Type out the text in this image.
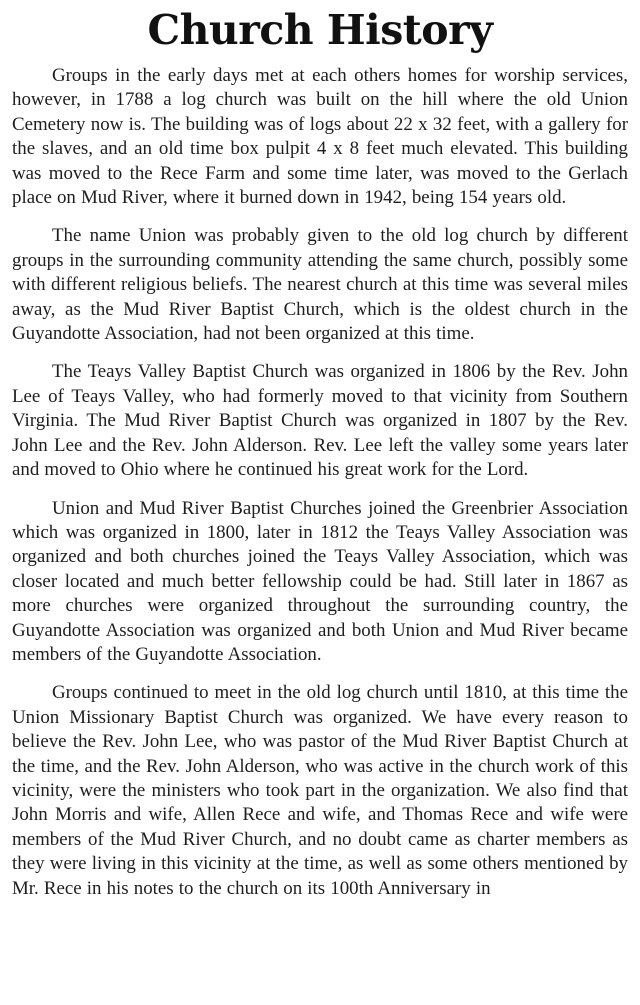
Church History

Groups in the early days met at each others homes for worship services, however, in 1788 a log church was built on the hill where the old Union Cemetery now is. The building was of logs about 22 x 32 feet, with a gallery for the slaves, and an old time box pulpit 4 x 8 feet much elevated. This building was moved to the Rece Farm and some time later, was moved to the Gerlach place on Mud River, where it burned down in 1942, being 154 years old.

The name Union was probably given to the old log church by different groups in the surrounding community attending the same church, possibly some with different religious beliefs. The nearest church at this time was several miles away, as the Mud River Baptist Church, which is the oldest church in the Guyandotte Association, had not been organized at this time.

The Teays Valley Baptist Church was organized in 1806 by the Rev. John Lee of Teays Valley, who had formerly moved to that vicinity from Southern Virginia. The Mud River Baptist Church was organized in 1807 by the Rev. John Lee and the Rev. John Alderson. Rev. Lee left the valley some years later and moved to Ohio where he continued his great work for the Lord.

Union and Mud River Baptist Churches joined the Greenbrier Association which was organized in 1800, later in 1812 the Teays Valley Association was organized and both churches joined the Teays Valley Association, which was closer located and much better fellowship could be had. Still later in 1867 as more churches were organized throughout the surrounding country, the Guyandotte Association was organized and both Union and Mud River became members of the Guyandotte Association.

Groups continued to meet in the old log church until 1810, at this time the Union Missionary Baptist Church was organized. We have every reason to believe the Rev. John Lee, who was pastor of the Mud River Baptist Church at the time, and the Rev. John Alderson, who was active in the church work of this vicinity, were the ministers who took part in the organization. We also find that John Morris and wife, Allen Rece and wife, and Thomas Rece and wife were members of the Mud River Church, and no doubt came as charter members as they were living in this vicinity at the time, as well as some others mentioned by Mr. Rece in his notes to the church on its 100th Anniversary in
